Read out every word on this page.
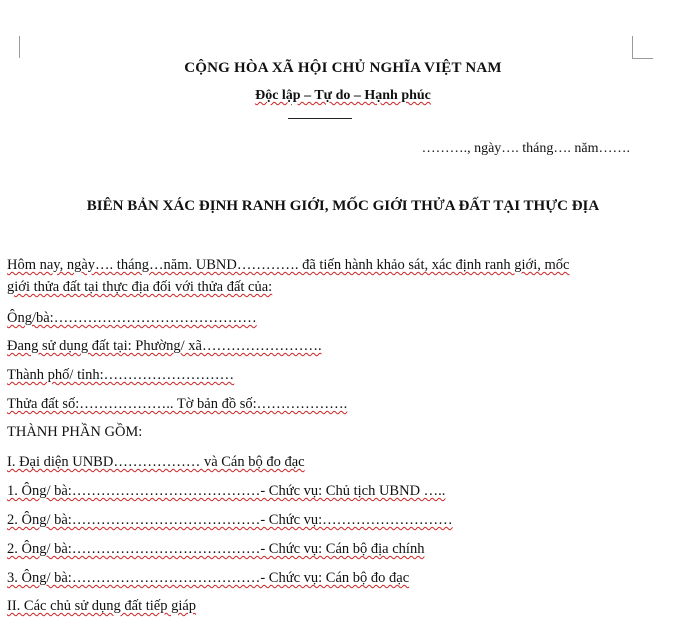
CỘNG HÒA XÃ HỘI CHỦ NGHĨA VIỆT NAM
Độc lập – Tự do – Hạnh phúc
………., ngày…. tháng…. năm…….
BIÊN BẢN XÁC ĐỊNH RANH GIỚI, MỐC GIỚI THỬA ĐẤT TẠI THỰC ĐỊA
Hôm nay, ngày…. tháng…năm. UBND…………. đã tiến hành khảo sát, xác định ranh giới, mốc
giới thửa đất tại thực địa đối với thửa đất của:
Ông/bà:……………………………………
Đang sử dụng đất tại: Phường/ xã…………………….
Thành phố/ tỉnh:………………………
Thửa đất số:……………….. Tờ bản đồ số:……………….
THÀNH PHẦN GỒM:
I. Đại diện UNBD……………… và Cán bộ đo đạc
1. Ông/ bà:…………………………………- Chức vụ: Chủ tịch UBND …..
2. Ông/ bà:…………………………………- Chức vụ:………………………
2. Ông/ bà:…………………………………- Chức vụ: Cán bộ địa chính
3. Ông/ bà:…………………………………- Chức vụ: Cán bộ đo đạc
II. Các chủ sử dụng đất tiếp giáp
